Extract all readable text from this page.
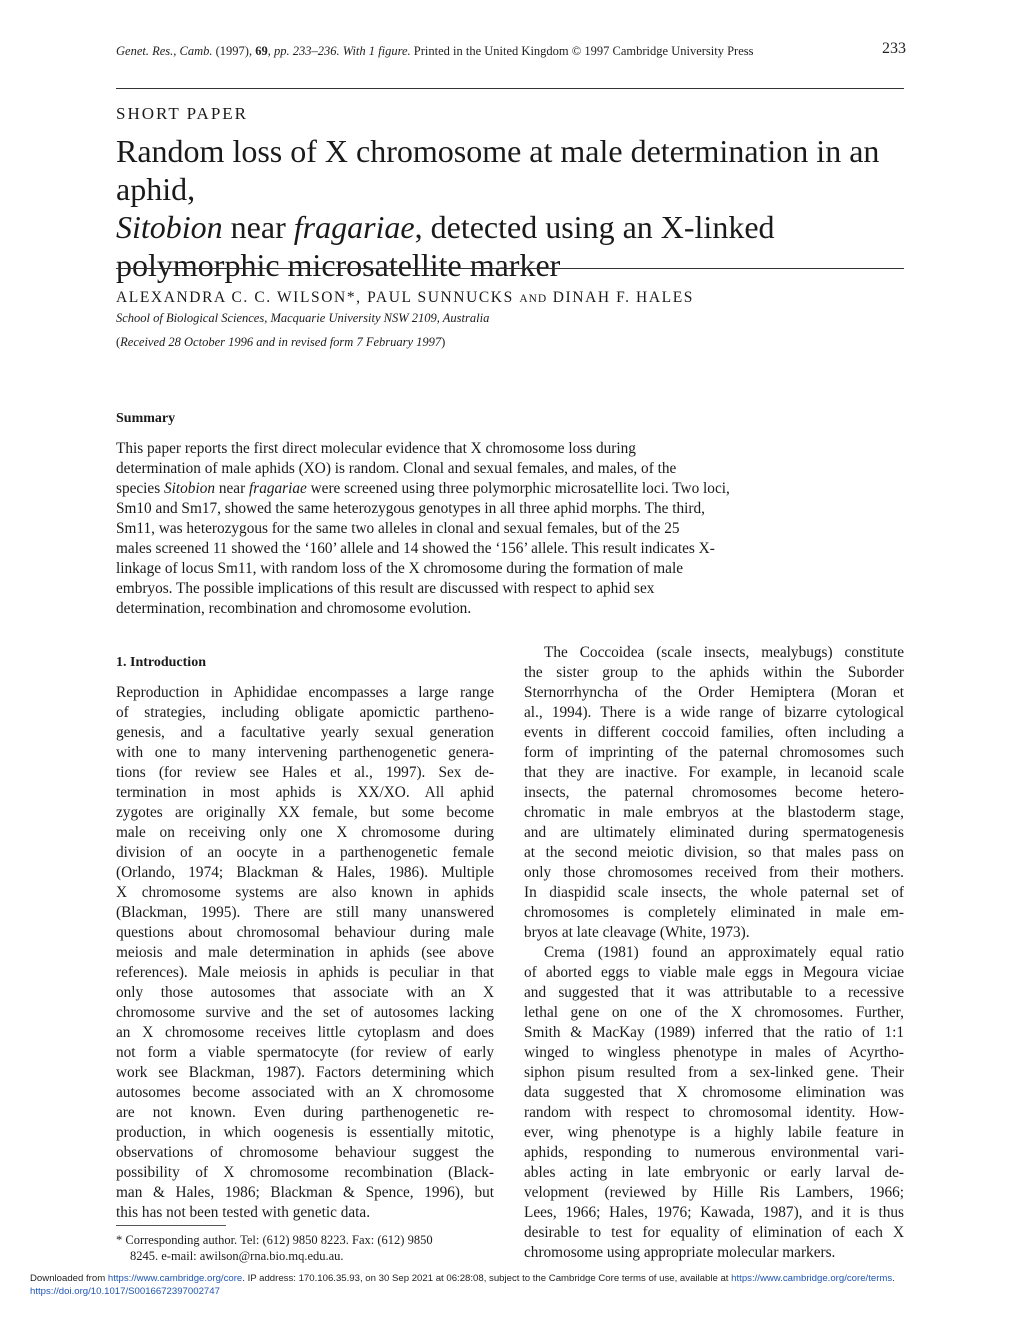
Genet. Res., Camb. (1997), 69, pp. 233–236. With 1 figure. Printed in the United Kingdom © 1997 Cambridge University Press	233
SHORT PAPER
Random loss of X chromosome at male determination in an aphid,
Sitobion near fragariae, detected using an X-linked polymorphic microsatellite marker
ALEXANDRA C. C. WILSON*, PAUL SUNNUCKS AND DINAH F. HALES
School of Biological Sciences, Macquarie University NSW 2109, Australia
(Received 28 October 1996 and in revised form 7 February 1997)
Summary
This paper reports the first direct molecular evidence that X chromosome loss during
determination of male aphids (XO) is random. Clonal and sexual females, and males, of the
species Sitobion near fragariae were screened using three polymorphic microsatellite loci. Two loci,
Sm10 and Sm17, showed the same heterozygous genotypes in all three aphid morphs. The third,
Sm11, was heterozygous for the same two alleles in clonal and sexual females, but of the 25
males screened 11 showed the ‘160’ allele and 14 showed the ‘156’ allele. This result indicates X-
linkage of locus Sm11, with random loss of the X chromosome during the formation of male
embryos. The possible implications of this result are discussed with respect to aphid sex
determination, recombination and chromosome evolution.
1. Introduction
Reproduction in Aphididae encompasses a large range
of strategies, including obligate apomictic partheno-
genesis, and a facultative yearly sexual generation
with one to many intervening parthenogenetic genera-
tions (for review see Hales et al., 1997). Sex de-
termination in most aphids is XX/XO. All aphid
zygotes are originally XX female, but some become
male on receiving only one X chromosome during
division of an oocyte in a parthenogenetic female
(Orlando, 1974; Blackman & Hales, 1986). Multiple
X chromosome systems are also known in aphids
(Blackman, 1995). There are still many unanswered
questions about chromosomal behaviour during male
meiosis and male determination in aphids (see above
references). Male meiosis in aphids is peculiar in that
only those autosomes that associate with an X
chromosome survive and the set of autosomes lacking
an X chromosome receives little cytoplasm and does
not form a viable spermatocyte (for review of early
work see Blackman, 1987). Factors determining which
autosomes become associated with an X chromosome
are not known. Even during parthenogenetic re-
production, in which oogenesis is essentially mitotic,
observations of chromosome behaviour suggest the
possibility of X chromosome recombination (Black-
man & Hales, 1986; Blackman & Spence, 1996), but
this has not been tested with genetic data.
The Coccoidea (scale insects, mealybugs) constitute
the sister group to the aphids within the Suborder
Sternorrhyncha of the Order Hemiptera (Moran et
al., 1994). There is a wide range of bizarre cytological
events in different coccoid families, often including a
form of imprinting of the paternal chromosomes such
that they are inactive. For example, in lecanoid scale
insects, the paternal chromosomes become hetero-
chromatic in male embryos at the blastoderm stage,
and are ultimately eliminated during spermatogenesis
at the second meiotic division, so that males pass on
only those chromosomes received from their mothers.
In diaspidid scale insects, the whole paternal set of
chromosomes is completely eliminated in male em-
bryos at late cleavage (White, 1973).
Crema (1981) found an approximately equal ratio
of aborted eggs to viable male eggs in Megoura viciae
and suggested that it was attributable to a recessive
lethal gene on one of the X chromosomes. Further,
Smith & MacKay (1989) inferred that the ratio of 1:1
winged to wingless phenotype in males of Acyrtho-
siphon pisum resulted from a sex-linked gene. Their
data suggested that X chromosome elimination was
random with respect to chromosomal identity. How-
ever, wing phenotype is a highly labile feature in
aphids, responding to numerous environmental vari-
ables acting in late embryonic or early larval de-
velopment (reviewed by Hille Ris Lambers, 1966;
Lees, 1966; Hales, 1976; Kawada, 1987), and it is thus
desirable to test for equality of elimination of each X
chromosome using appropriate molecular markers.
* Corresponding author. Tel: (612) 9850 8223. Fax: (612) 9850
8245. e-mail: awilson@rna.bio.mq.edu.au.
Downloaded from https://www.cambridge.org/core. IP address: 170.106.35.93, on 30 Sep 2021 at 06:28:08, subject to the Cambridge Core terms of use, available at https://www.cambridge.org/core/terms.
https://doi.org/10.1017/S0016672397002747
